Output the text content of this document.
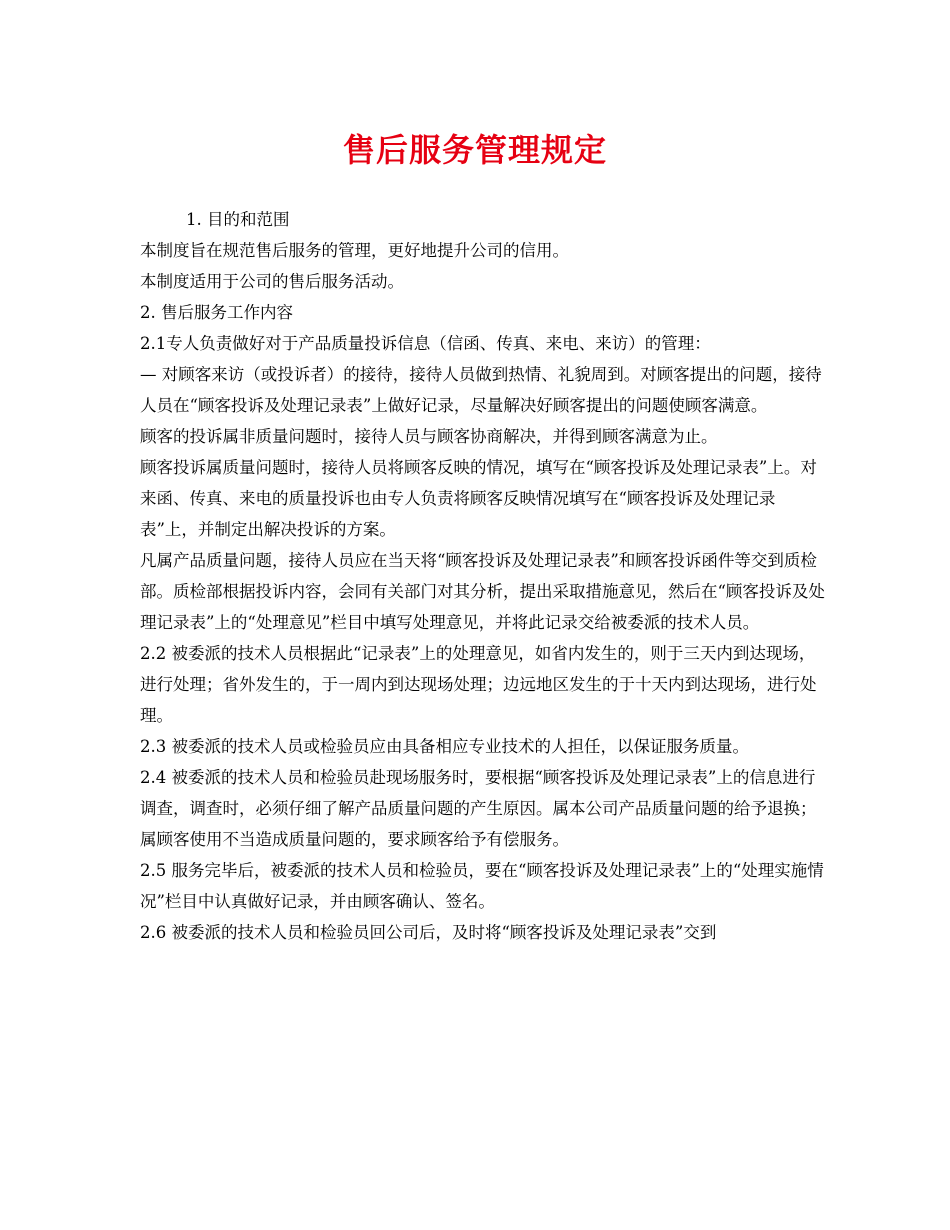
售后服务管理规定

1. 目的和范围

本制度旨在规范售后服务的管理，更好地提升公司的信用。

本制度适用于公司的售后服务活动。

2. 售后服务工作内容

2.1专人负责做好对于产品质量投诉信息（信函、传真、来电、来访）的管理：

— 对顾客来访（或投诉者）的接待，接待人员做到热情、礼貌周到。对顾客提出的问题，接待人员在“顾客投诉及处理记录表”上做好记录，尽量解决好顾客提出的问题使顾客满意。

顾客的投诉属非质量问题时，接待人员与顾客协商解决，并得到顾客满意为止。

顾客投诉属质量问题时，接待人员将顾客反映的情况，填写在“顾客投诉及处理记录表”上。对来函、传真、来电的质量投诉也由专人负责将顾客反映情况填写在“顾客投诉及处理记录表”上，并制定出解决投诉的方案。

凡属产品质量问题，接待人员应在当天将“顾客投诉及处理记录表”和顾客投诉函件等交到质检部。质检部根据投诉内容，会同有关部门对其分析，提出采取措施意见，然后在“顾客投诉及处理记录表”上的“处理意见”栏目中填写处理意见，并将此记录交给被委派的技术人员。

2.2 被委派的技术人员根据此“记录表”上的处理意见，如省内发生的，则于三天内到达现场，进行处理；省外发生的，于一周内到达现场处理；边远地区发生的于十天内到达现场，进行处理。

2.3 被委派的技术人员或检验员应由具备相应专业技术的人担任，以保证服务质量。

2.4 被委派的技术人员和检验员赴现场服务时，要根据“顾客投诉及处理记录表”上的信息进行调查，调查时，必须仔细了解产品质量问题的产生原因。属本公司产品质量问题的给予退换；属顾客使用不当造成质量问题的，要求顾客给予有偿服务。

2.5 服务完毕后，被委派的技术人员和检验员，要在“顾客投诉及处理记录表”上的“处理实施情况”栏目中认真做好记录，并由顾客确认、签名。

2.6 被委派的技术人员和检验员回公司后，及时将“顾客投诉及处理记录表”交到
